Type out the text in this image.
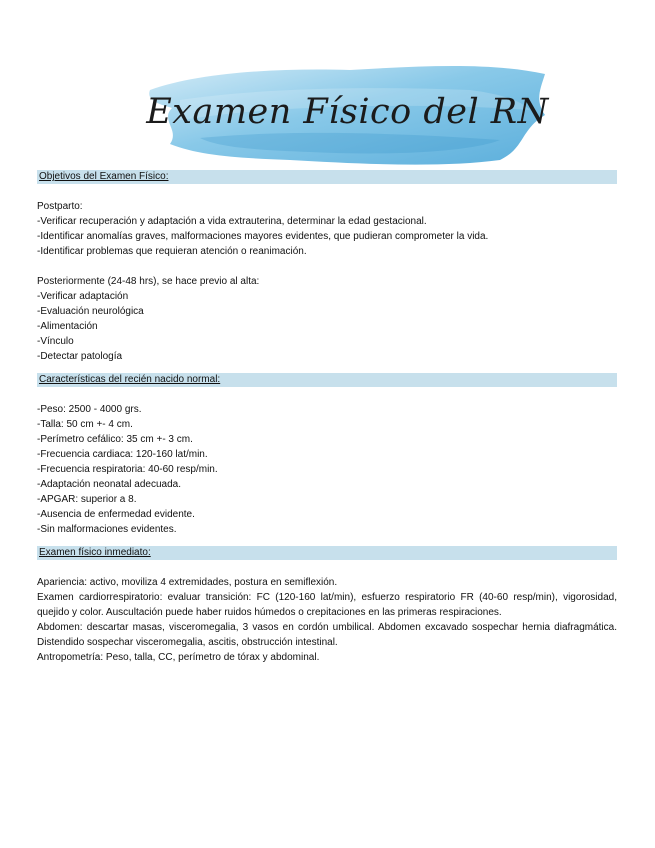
Examen Físico del RN
Objetivos del Examen Físico:
Postparto:
-Verificar recuperación y adaptación a vida extrauterina, determinar la edad gestacional.
-Identificar anomalías graves, malformaciones mayores evidentes, que pudieran comprometer la vida.
-Identificar problemas que requieran atención o reanimación.
Posteriormente (24-48 hrs), se hace previo al alta:
-Verificar adaptación
-Evaluación neurológica
-Alimentación
-Vínculo
-Detectar patología
Características del recién nacido normal:
-Peso: 2500 - 4000 grs.
-Talla: 50 cm +- 4 cm.
-Perímetro cefálico: 35 cm +- 3 cm.
-Frecuencia cardiaca: 120-160 lat/min.
-Frecuencia respiratoria: 40-60 resp/min.
-Adaptación neonatal adecuada.
-APGAR: superior a 8.
-Ausencia de enfermedad evidente.
-Sin malformaciones evidentes.
Examen físico inmediato:

Apariencia: activo, moviliza 4 extremidades, postura en semiflexión.

Examen cardiorrespiratorio: evaluar transición: FC (120-160 lat/min), esfuerzo respiratorio FR (40-60 resp/min), vigorosidad, quejido y color. Auscultación puede haber ruidos húmedos o crepitaciones en las primeras respiraciones.

Abdomen: descartar masas, visceromegalia, 3 vasos en cordón umbilical. Abdomen excavado sospechar hernia diafragmática. Distendido sospechar visceromegalia, ascitis, obstrucción intestinal.

Antropometría: Peso, talla, CC, perímetro de tórax y abdominal.
